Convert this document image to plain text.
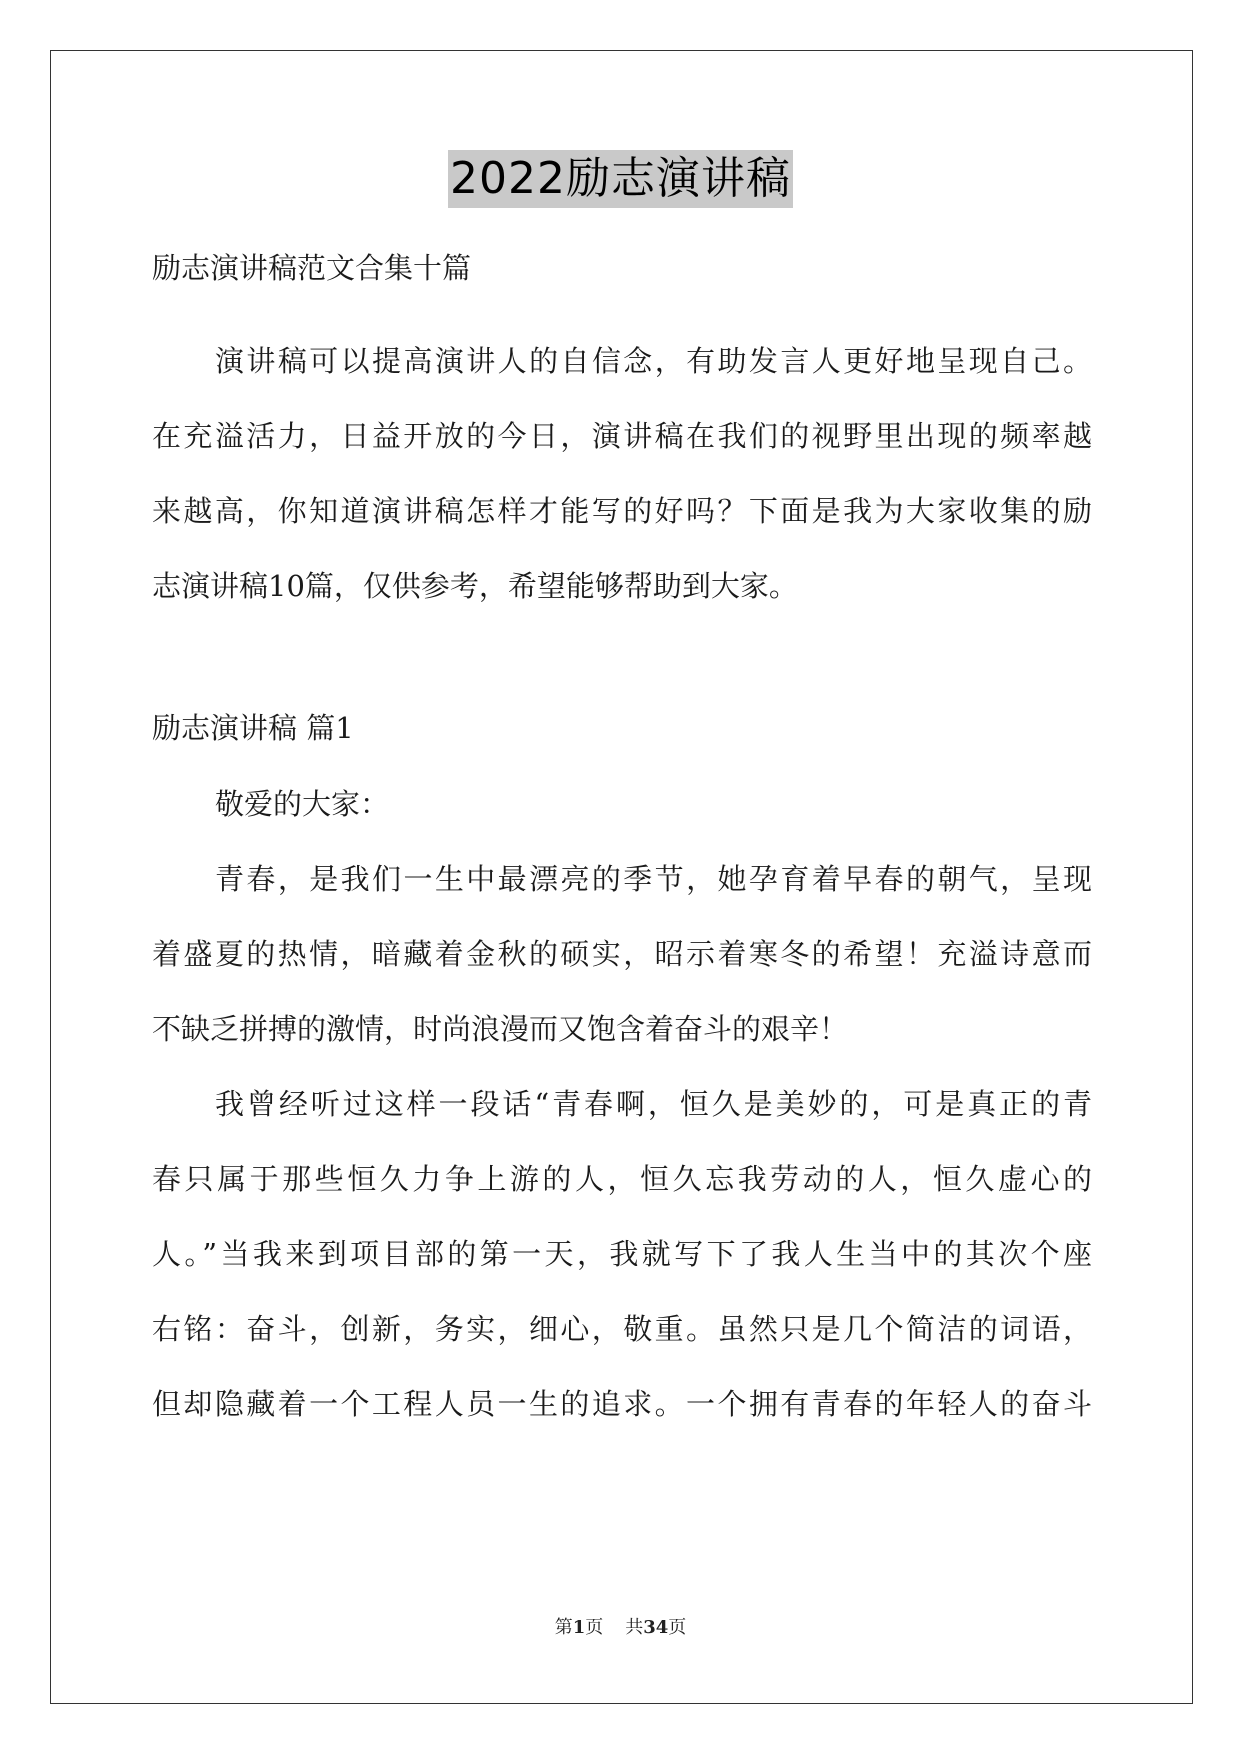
2022励志演讲稿
励志演讲稿范文合集十篇
演讲稿可以提高演讲人的自信念，有助发言人更好地呈现自己。
在充溢活力，日益开放的今日，演讲稿在我们的视野里出现的频率越
来越高，你知道演讲稿怎样才能写的好吗？下面是我为大家收集的励
志演讲稿10篇，仅供参考，希望能够帮助到大家。
励志演讲稿 篇1
敬爱的大家：
青春，是我们一生中最漂亮的季节，她孕育着早春的朝气，呈现
着盛夏的热情，暗藏着金秋的硕实，昭示着寒冬的希望！充溢诗意而
不缺乏拼搏的激情，时尚浪漫而又饱含着奋斗的艰辛！
我曾经听过这样一段话“青春啊，恒久是美妙的，可是真正的青
春只属于那些恒久力争上游的人，恒久忘我劳动的人，恒久虚心的
人。”当我来到项目部的第一天，我就写下了我人生当中的其次个座
右铭：奋斗，创新，务实，细心，敬重。虽然只是几个简洁的词语，
但却隐藏着一个工程人员一生的追求。一个拥有青春的年轻人的奋斗
第1页 共34页
